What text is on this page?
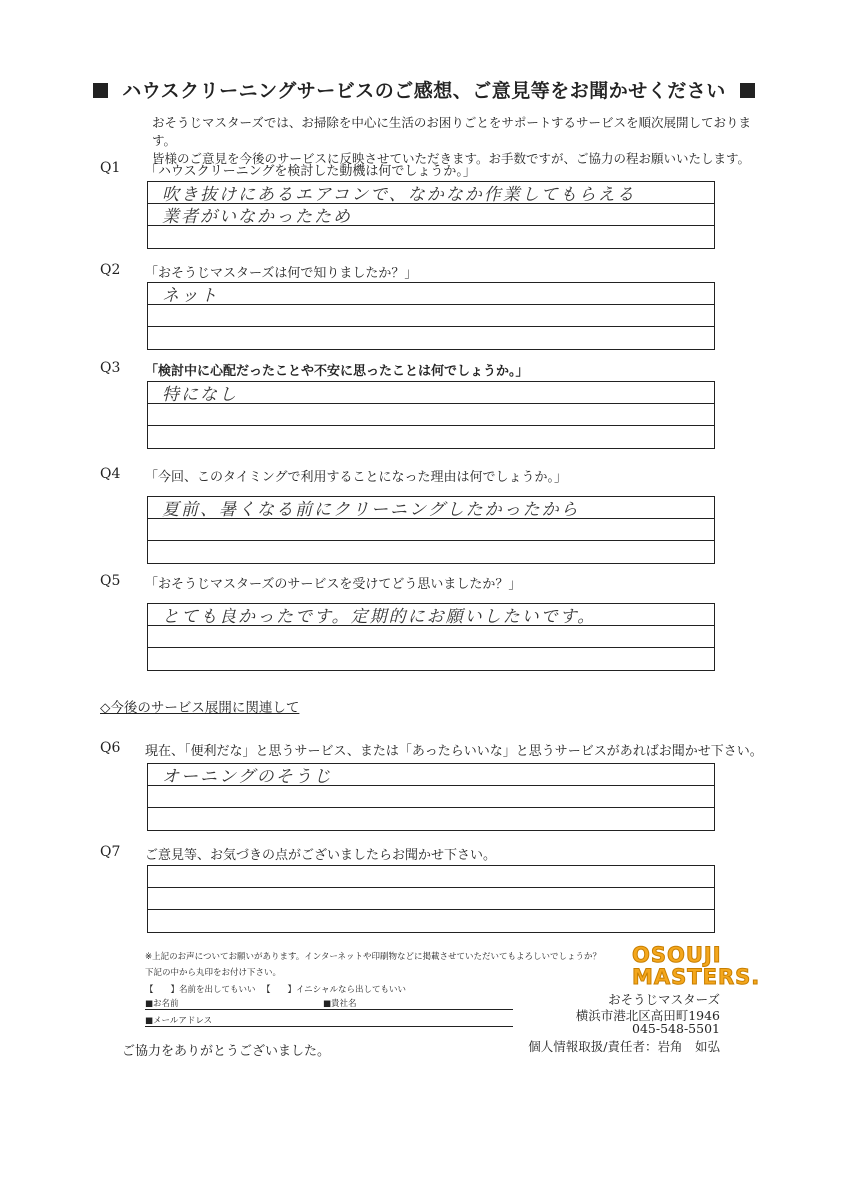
ハウスクリーニングサービスのご感想、ご意見等をお聞かせください
おそうじマスターズでは、お掃除を中心に生活のお困りごとをサポートするサービスを順次展開しております。
皆様のご意見を今後のサービスに反映させていただきます。お手数ですが、ご協力の程お願いいたします。
Q1 「ハウスクリーニングを検討した動機は何でしょうか。」
吹き抜けにあるエアコンで、なかなか作業してもらえる
業者がいなかったため
Q2 「おそうじマスターズは何で知りましたか？」
ネット
Q3 「検討中に心配だったことや不安に思ったことは何でしょうか。」
特になし
Q4 「今回、このタイミングで利用することになった理由は何でしょうか。」
夏前、暑くなる前にクリーニングしたかったから
Q5 「おそうじマスターズのサービスを受けてどう思いましたか？」
とても良かったです。定期的にお願いしたいです。
◇今後のサービス展開に関連して
Q6 現在、「便利だな」と思うサービス、または「あったらいいな」と思うサービスがあればお聞かせ下さい。
オーニングのそうじ
Q7 ご意見等、お気づきの点がございましたらお聞かせ下さい。
※上記のお声についてお願いがあります。インターネットや印刷物などに掲載させていただいてもよろしいでしょうか？
下記の中から丸印をお付け下さい。
【　　】名前を出してもいい 【　　】イニシャルなら出してもいい
■お名前	■貴社名
■メールアドレス
ご協力をありがとうございました。
OSOUJI
MASTERS.
おそうじマスターズ
横浜市港北区高田町1946
045-548-5501
個人情報取扱/責任者：岩角　如弘
